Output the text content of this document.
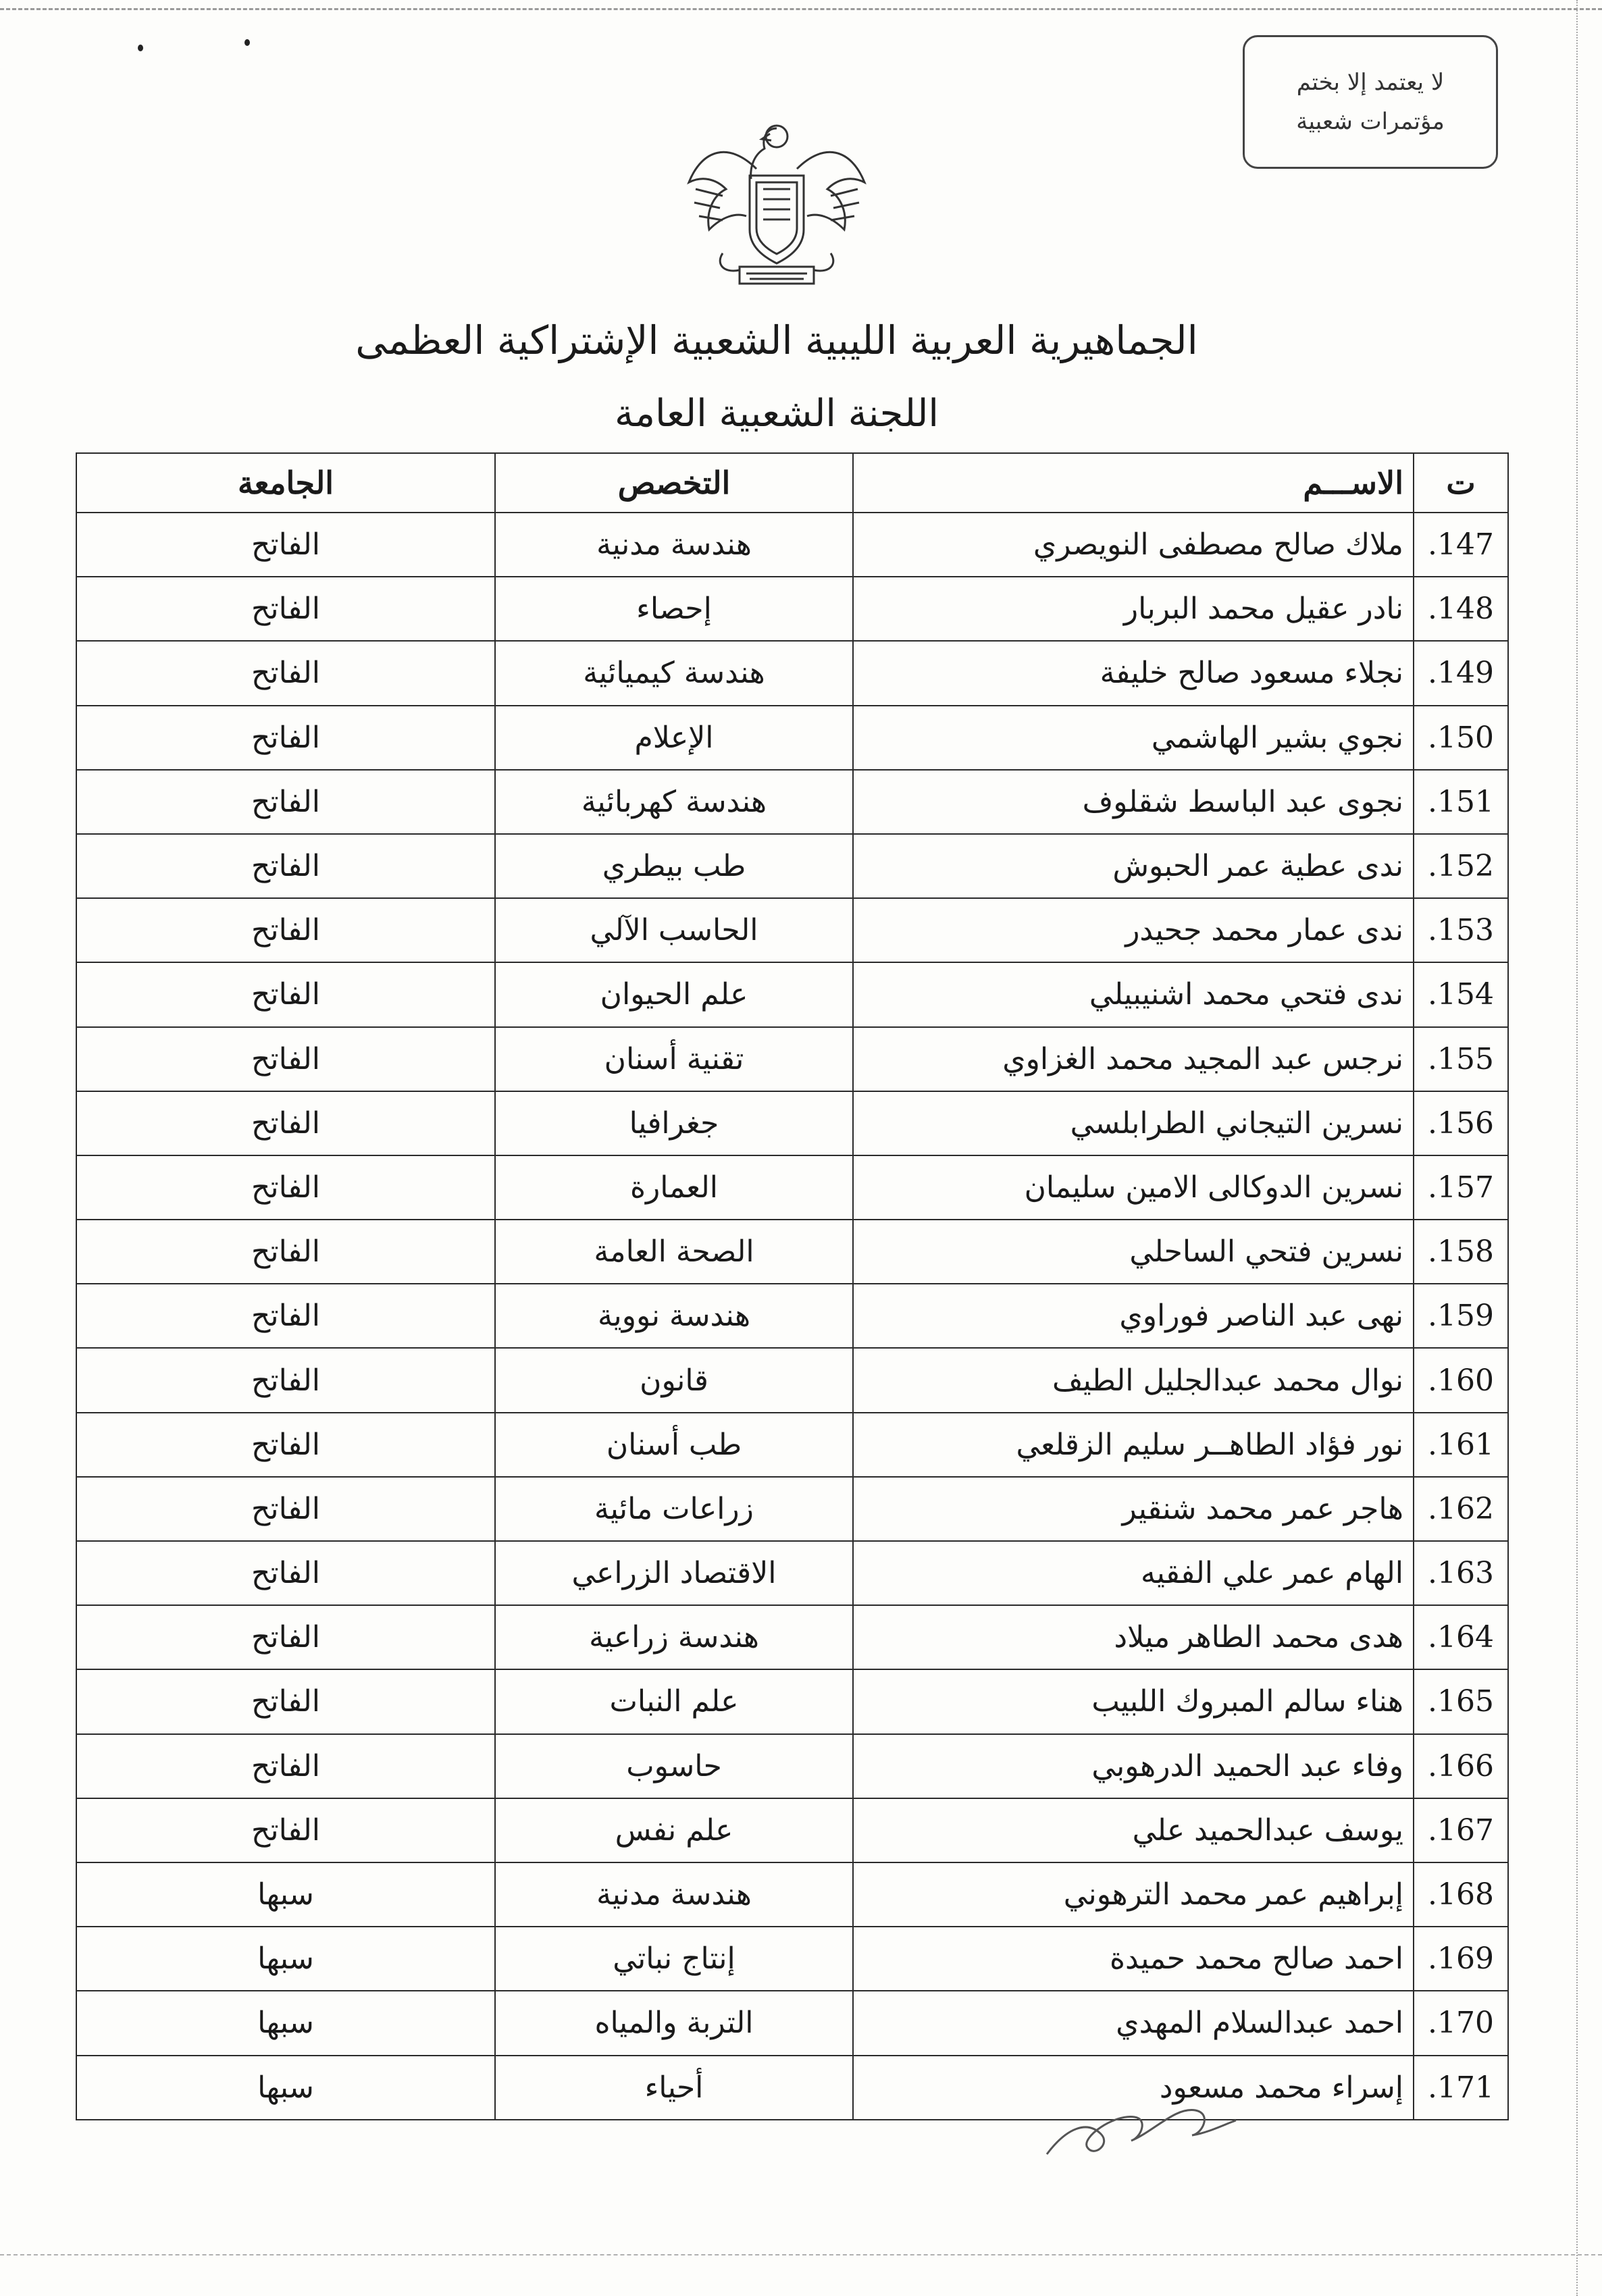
لا يعتمد إلا بختم
مؤتمرات شعبية
الجماهيرية العربية الليبية الشعبية الإشتراكية العظمى
اللجنة الشعبية العامة
ت	الاســـم	التخصص	الجامعة
147.	ملاك صالح مصطفى النويصري	هندسة مدنية	الفاتح
148.	نادر عقيل محمد البربار	إحصاء	الفاتح
149.	نجلاء مسعود صالح خليفة	هندسة كيميائية	الفاتح
150.	نجوي بشير الهاشمي	الإعلام	الفاتح
151.	نجوى عبد الباسط شقلوف	هندسة كهربائية	الفاتح
152.	ندى عطية عمر الحبوش	طب بيطري	الفاتح
153.	ندى عمار محمد جحيدر	الحاسب الآلي	الفاتح
154.	ندى فتحي محمد اشنيبيلي	علم الحيوان	الفاتح
155.	نرجس عبد المجيد محمد الغزاوي	تقنية أسنان	الفاتح
156.	نسرين التيجاني الطرابلسي	جغرافيا	الفاتح
157.	نسرين الدوكالى الامين سليمان	العمارة	الفاتح
158.	نسرين فتحي الساحلي	الصحة العامة	الفاتح
159.	نهى عبد الناصر فوراوي	هندسة نووية	الفاتح
160.	نوال محمد عبدالجليل الطيف	قانون	الفاتح
161.	نور فؤاد الطاهــر سليم الزقلعي	طب أسنان	الفاتح
162.	هاجر عمر محمد شنقير	زراعات مائية	الفاتح
163.	الهام عمر علي الفقيه	الاقتصاد الزراعي	الفاتح
164.	هدى محمد الطاهر ميلاد	هندسة زراعية	الفاتح
165.	هناء سالم المبروك اللبيب	علم النبات	الفاتح
166.	وفاء عبد الحميد الدرهوبي	حاسوب	الفاتح
167.	يوسف عبدالحميد علي	علم نفس	الفاتح
168.	إبراهيم عمر محمد الترهوني	هندسة مدنية	سبها
169.	احمد صالح محمد حميدة	إنتاج نباتي	سبها
170.	احمد عبدالسلام المهدي	التربة والمياه	سبها
171.	إسراء محمد مسعود	أحياء	سبها
